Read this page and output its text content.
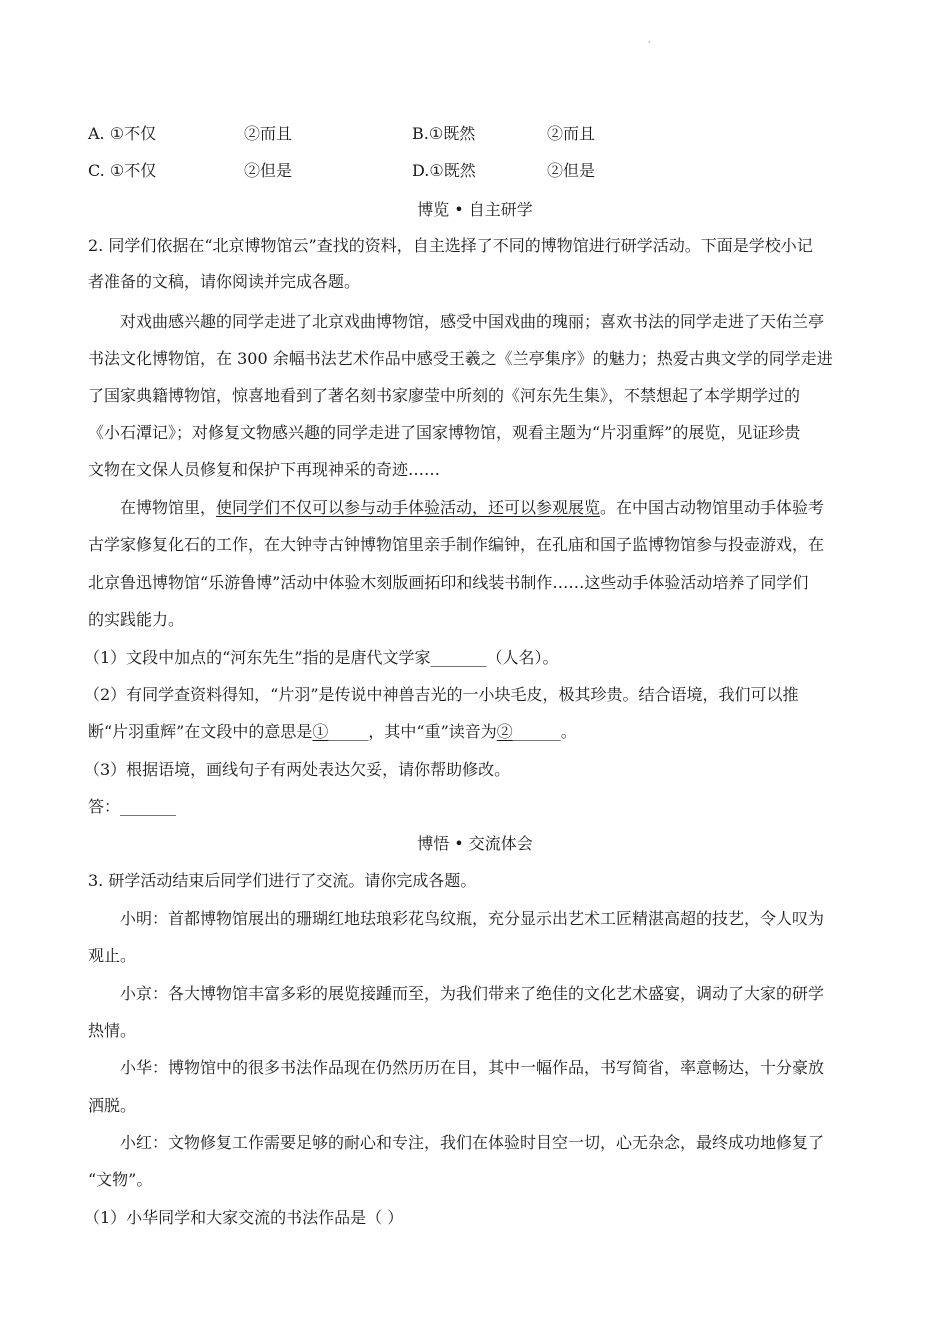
·
A. ①不仅	②而且	B.①既然	②而且
C. ①不仅	②但是	D.①既然	②但是
博览 • 自主研学
2. 同学们依据在“北京博物馆云”查找的资料，自主选择了不同的博物馆进行研学活动。下面是学校小记
者准备的文稿，请你阅读并完成各题。
对戏曲感兴趣的同学走进了北京戏曲博物馆，感受中国戏曲的瑰丽；喜欢书法的同学走进了天佑兰亭
书法文化博物馆，在 300 余幅书法艺术作品中感受王羲之《兰亭集序》的魅力；热爱古典文学的同学走进
了国家典籍博物馆，惊喜地看到了著名刻书家廖莹中所刻的《河东先生集》，不禁想起了本学期学过的
《小石潭记》；对修复文物感兴趣的同学走进了国家博物馆，观看主题为“片羽重辉”的展览，见证珍贵
文物在文保人员修复和保护下再现神采的奇迹……
在博物馆里，使同学们不仅可以参与动手体验活动，还可以参观展览。在中国古动物馆里动手体验考
古学家修复化石的工作，在大钟寺古钟博物馆里亲手制作编钟，在孔庙和国子监博物馆参与投壶游戏，在
北京鲁迅博物馆“乐游鲁博”活动中体验木刻版画拓印和线装书制作……这些动手体验活动培养了同学们
的实践能力。
（1）文段中加点的“河东先生”指的是唐代文学家_______（人名）。
（2）有同学查资料得知，“片羽”是传说中神兽吉光的一小块毛皮，极其珍贵。结合语境，我们可以推
断“片羽重辉”在文段中的意思是①_____，其中“重”读音为②______。
（3）根据语境，画线句子有两处表达欠妥，请你帮助修改。
答：_______
博悟 • 交流体会
3. 研学活动结束后同学们进行了交流。请你完成各题。
小明：首都博物馆展出的珊瑚红地珐琅彩花鸟纹瓶，充分显示出艺术工匠精湛高超的技艺，令人叹为
观止。
小京：各大博物馆丰富多彩的展览接踵而至，为我们带来了绝佳的文化艺术盛宴，调动了大家的研学
热情。
小华：博物馆中的很多书法作品现在仍然历历在目，其中一幅作品，书写简省，率意畅达，十分豪放
洒脱。
小红：文物修复工作需要足够的耐心和专注，我们在体验时目空一切，心无杂念，最终成功地修复了
“文物”。
（1）小华同学和大家交流的书法作品是（ ）
